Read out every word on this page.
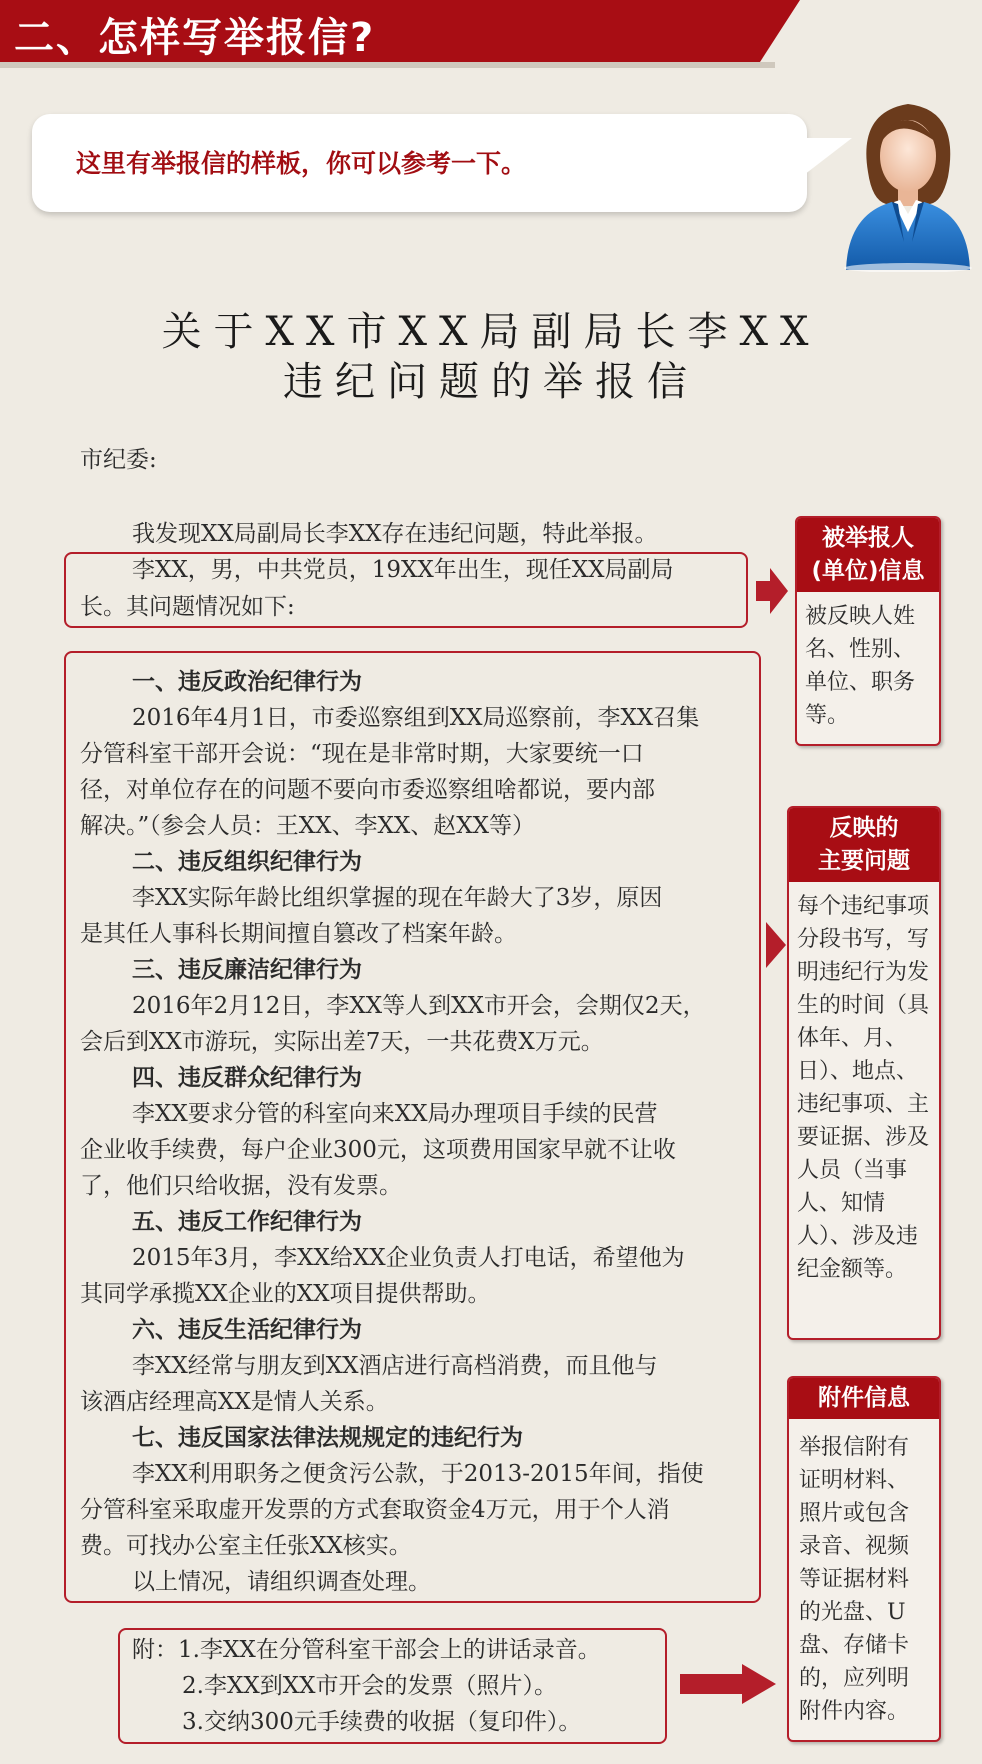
二、怎样写举报信?
这里有举报信的样板，你可以参考一下。
关于XX市XX局副局长李XX
违纪问题的举报信

市纪委:

我发现XX局副局长李XX存在违纪问题，特此举报。

李XX，男，中共党员，19XX年出生，现任XX局副局

长。其问题情况如下:

一、违反政治纪律行为

2016年4月1日，市委巡察组到XX局巡察前，李XX召集

分管科室干部开会说：“现在是非常时期，大家要统一口

径，对单位存在的问题不要向市委巡察组啥都说，要内部

解决。”（参会人员：王XX、李XX、赵XX等）

二、违反组织纪律行为

李XX实际年龄比组织掌握的现在年龄大了3岁，原因

是其任人事科长期间擅自篡改了档案年龄。

三、违反廉洁纪律行为

2016年2月12日，李XX等人到XX市开会，会期仅2天，

会后到XX市游玩，实际出差7天，一共花费X万元。

四、违反群众纪律行为

李XX要求分管的科室向来XX局办理项目手续的民营

企业收手续费，每户企业300元，这项费用国家早就不让收

了，他们只给收据，没有发票。

五、违反工作纪律行为

2015年3月，李XX给XX企业负责人打电话，希望他为

其同学承揽XX企业的XX项目提供帮助。

六、违反生活纪律行为

李XX经常与朋友到XX酒店进行高档消费，而且他与

该酒店经理高XX是情人关系。

七、违反国家法律法规规定的违纪行为

李XX利用职务之便贪污公款，于2013-2015年间，指使

分管科室采取虚开发票的方式套取资金4万元，用于个人消

费。可找办公室主任张XX核实。

以上情况，请组织调查处理。

附：1.李XX在分管科室干部会上的讲话录音。

2.李XX到XX市开会的发票（照片）。

3.交纳300元手续费的收据（复印件）。

被举报人
(单位)信息
被反映人姓名、性别、单位、职务等。
反映的
主要问题
每个违纪事项分段书写，写明违纪行为发生的时间（具体年、月、日）、地点、违纪事项、主要证据、涉及人员（当事人、知情人）、涉及违纪金额等。
附件信息
举报信附有证明材料、照片或包含录音、视频等证据材料的光盘、U盘、存储卡的，应列明附件内容。
